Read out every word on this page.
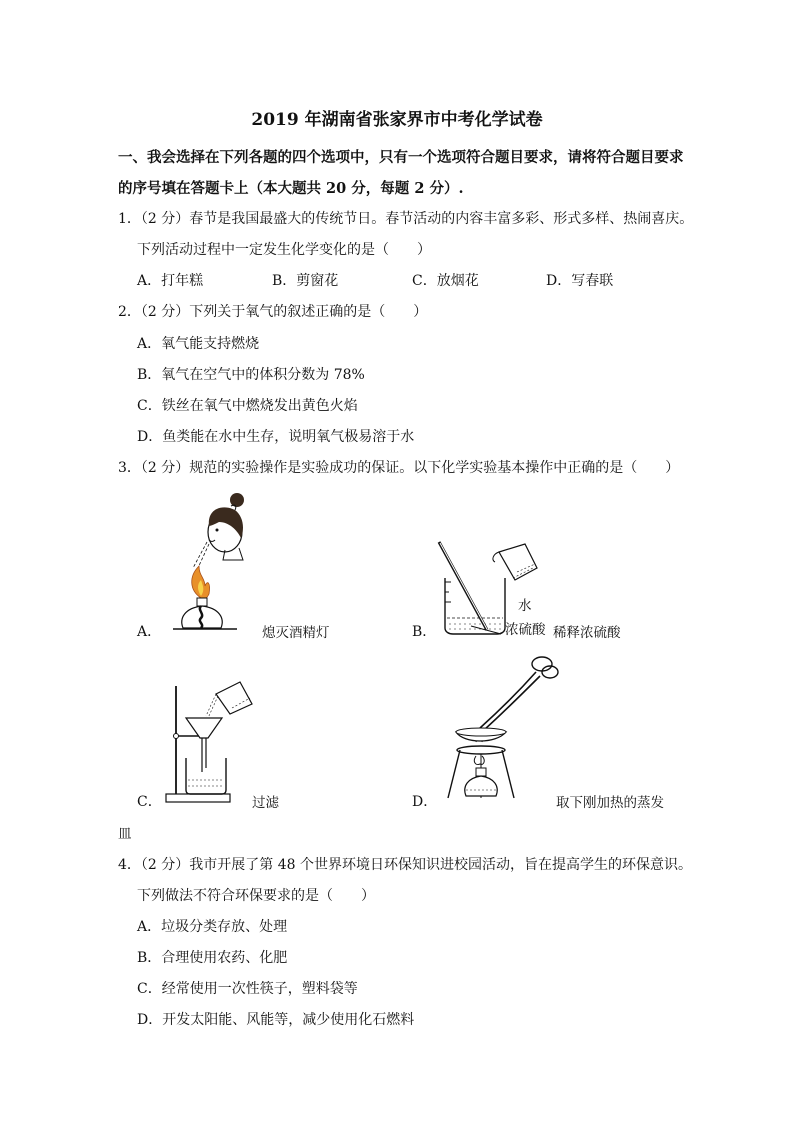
2019 年湖南省张家界市中考化学试卷
一、我会选择在下列各题的四个选项中，只有一个选项符合题目要求，请将符合题目要求
的序号填在答题卡上（本大题共 20 分，每题 2 分）.
1．（2 分）春节是我国最盛大的传统节日。春节活动的内容丰富多彩、形式多样、热闹喜庆。
下列活动过程中一定发生化学变化的是（　　）
A．打年糕	B．剪窗花	C．放烟花	D．写春联
2．（2 分）下列关于氧气的叙述正确的是（　　）
A．氧气能支持燃烧
B．氧气在空气中的体积分数为 78%
C．铁丝在氧气中燃烧发出黄色火焰
D．鱼类能在水中生存，说明氧气极易溶于水
3．（2 分）规范的实验操作是实验成功的保证。以下化学实验基本操作中正确的是（　　）
A．	熄灭酒精灯
水
B．	浓硫酸 稀释浓硫酸
C．	过滤	D．	取下刚加热的蒸发
皿
4．（2 分）我市开展了第 48 个世界环境日环保知识进校园活动，旨在提高学生的环保意识。
下列做法不符合环保要求的是（　　）
A．垃圾分类存放、处理
B．合理使用农药、化肥
C．经常使用一次性筷子，塑料袋等
D．开发太阳能、风能等，减少使用化石燃料
